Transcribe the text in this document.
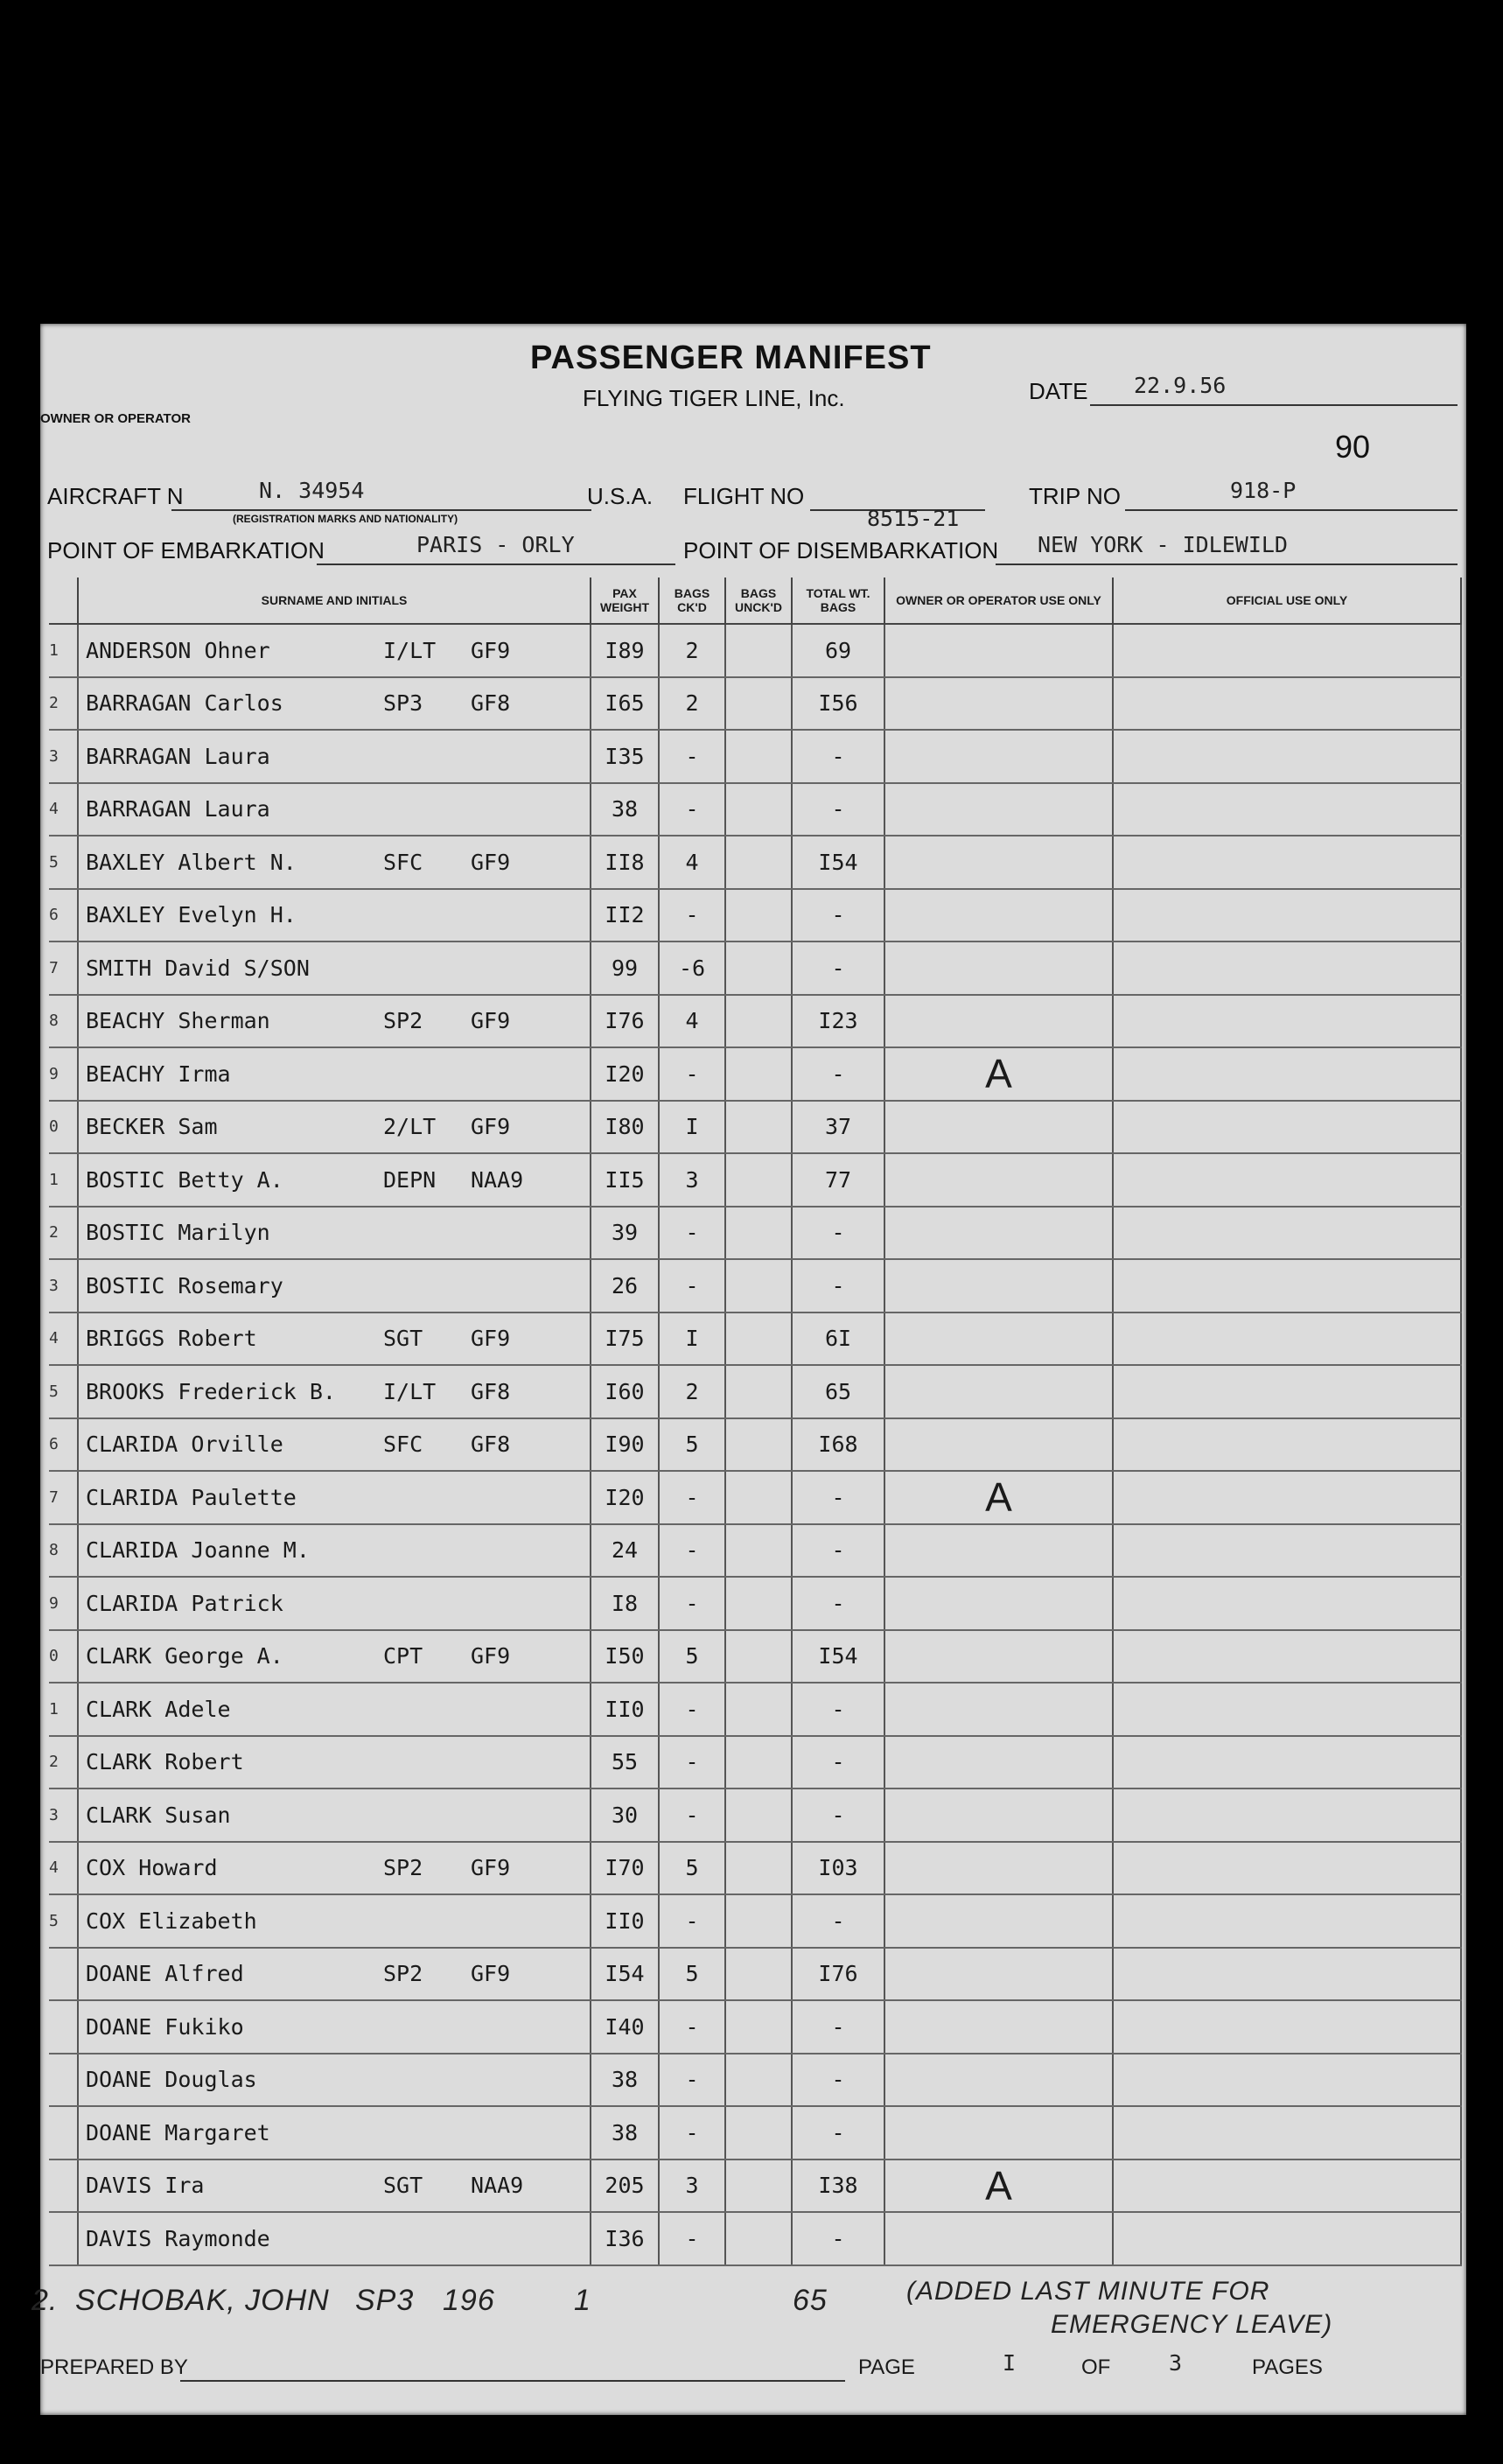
PASSENGER MANIFEST
FLYING TIGER LINE, Inc.
OWNER OR OPERATOR
DATE 22.9.56
90
AIRCRAFT N	N. 34954
(REGISTRATION MARKS AND NATIONALITY)
U.S.A. FLIGHT NO
8515-21
TRIP NO	918-P
POINT OF EMBARKATION	PARIS - ORLY	POINT OF DISEMBARKATION NEW YORK - IDLEWILD
	SURNAME AND INITIALS	PAX WEIGHT	BAGS CK'D	BAGS UNCK'D	TOTAL WT. BAGS	OWNER OR OPERATOR USE ONLY	OFFICIAL USE ONLY
1	ANDERSON Ohner I/LT GF9	I89	2		69		
2	BARRAGAN Carlos SP3 GF8	I65	2		I56		
3	BARRAGAN Laura	I35	-		-		
4	BARRAGAN Laura	38	-		-		
5	BAXLEY Albert N. SFC GF9	II8	4		I54		
6	BAXLEY Evelyn H.	II2	-		-		
7	SMITH David S/SON	99	-6		-		
8	BEACHY Sherman SP2 GF9	I76	4		I23		
9	BEACHY Irma	I20	-		-	A	
0	BECKER Sam 2/LT GF9	I80	I		37		
1	BOSTIC Betty A. DEPN NAA9	II5	3		77		
2	BOSTIC Marilyn	39	-		-		
3	BOSTIC Rosemary	26	-		-		
4	BRIGGS Robert SGT GF9	I75	I		6I		
5	BROOKS Frederick B. I/LT GF8	I60	2		65		
6	CLARIDA Orville SFC GF8	I90	5		I68		
7	CLARIDA Paulette	I20	-		-	A	
8	CLARIDA Joanne M.	24	-		-		
9	CLARIDA Patrick	I8	-		-		
0	CLARK George A. CPT GF9	I50	5		I54		
1	CLARK Adele	II0	-		-		
2	CLARK Robert	55	-		-		
3	CLARK Susan	30	-		-		
4	COX Howard SP2 GF9	I70	5		I03		
5	COX Elizabeth	II0	-		-		
	DOANE Alfred SP2 GF9	I54	5		I76		
	DOANE Fukiko	I40	-		-		
	DOANE Douglas	38	-		-		
	DOANE Margaret	38	-		-		
	DAVIS Ira SGT NAA9	205	3		I38	A	
	DAVIS Raymonde	I36	-		-		
2. SCHOBAK, JOHN SP3 196	1	65	(ADDED LAST MINUTE FOR
EMERGENCY LEAVE)
PREPARED BY	PAGE	I	OF	3	PAGES
